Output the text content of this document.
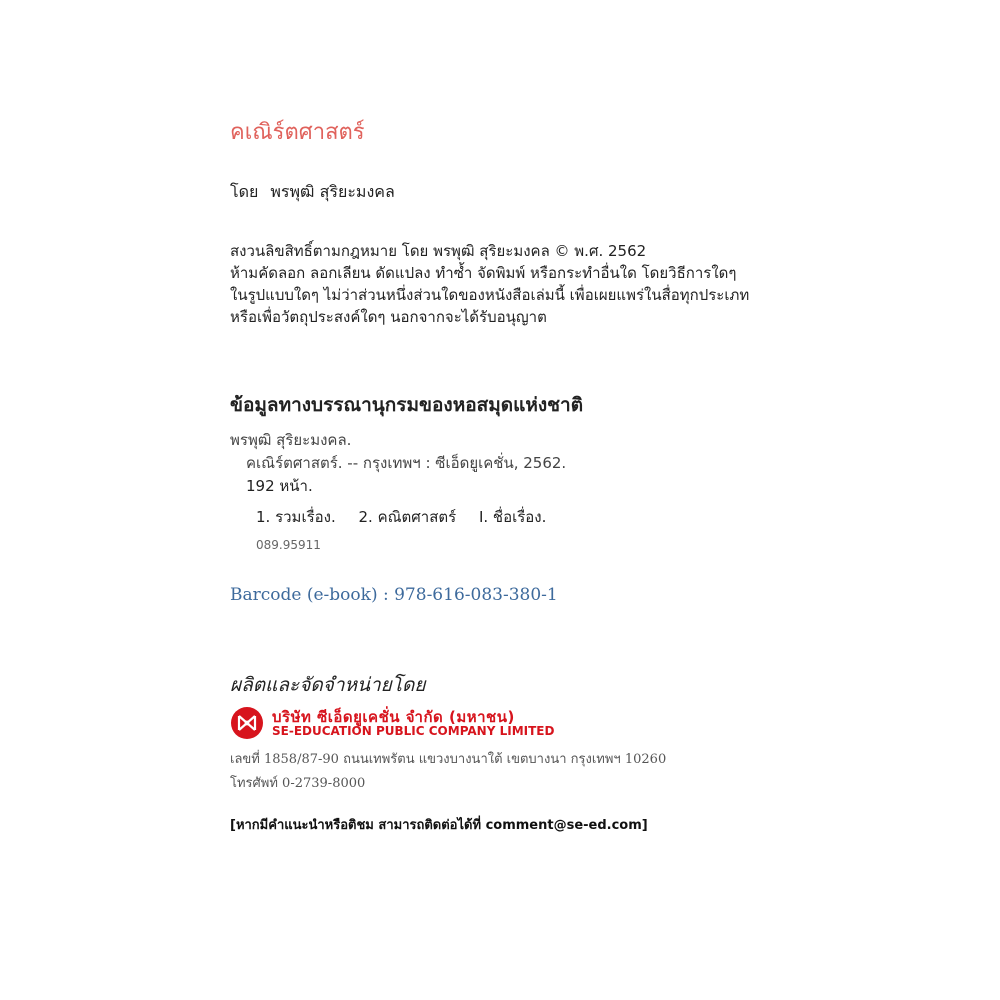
คเณิร์ตศาสตร์
โดย พรพุฒิ สุริยะมงคล
สงวนลิขสิทธิ์ตามกฎหมาย โดย พรพุฒิ สุริยะมงคล © พ.ศ. 2562
ห้ามคัดลอก ลอกเลียน ดัดแปลง ทำซ้ำ จัดพิมพ์ หรือกระทำอื่นใด โดยวิธีการใดๆ
ในรูปแบบใดๆ ไม่ว่าส่วนหนึ่งส่วนใดของหนังสือเล่มนี้ เพื่อเผยแพร่ในสื่อทุกประเภท
หรือเพื่อวัตถุประสงค์ใดๆ นอกจากจะได้รับอนุญาต
ข้อมูลทางบรรณานุกรมของหอสมุดแห่งชาติ
พรพุฒิ สุริยะมงคล.
คเณิร์ตศาสตร์. -- กรุงเทพฯ : ซีเอ็ดยูเคชั่น, 2562.
192 หน้า.
1. รวมเรื่อง. 2. คณิตศาสตร์ I. ชื่อเรื่อง.
089.95911
Barcode (e-book) : 978-616-083-380-1
ผลิตและจัดจำหน่ายโดย
บริษัท ซีเอ็ดยูเคชั่น จำกัด (มหาชน)
SE-EDUCATION PUBLIC COMPANY LIMITED
เลขที่ 1858/87-90 ถนนเทพรัตน แขวงบางนาใต้ เขตบางนา กรุงเทพฯ 10260
โทรศัพท์ 0-2739-8000
[หากมีคำแนะนำหรือติชม สามารถติดต่อได้ที่ comment@se-ed.com]
